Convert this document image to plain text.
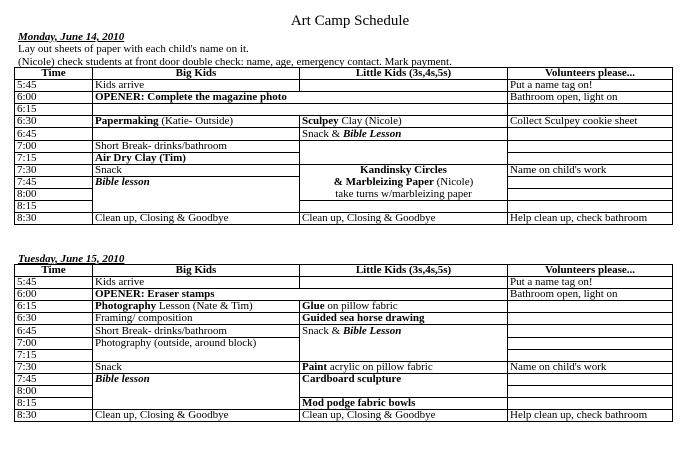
Art Camp Schedule
Monday, June 14, 2010
Lay out sheets of paper with each child's name on it.
(Nicole) check students at front door double check: name, age, emergency contact. Mark payment.
Time	Big Kids	Little Kids (3s,4s,5s)	Volunteers please...
5:45	Kids arrive		Put a name tag on!
6:00	OPENER: Complete the magazine photo		Bathroom open, light on
6:15			
6:30	Papermaking (Katie- Outside)	Sculpey Clay (Nicole)	Collect Sculpey cookie sheet
6:45		Snack & Bible Lesson	
7:00	Short Break- drinks/bathroom		
7:15	Air Dry Clay (Tim)		
7:30	Snack	Kandinsky Circles	Name on child's work
7:45	Bible lesson	& Marbleizing Paper (Nicole)	
8:00		take turns w/marbleizing paper	
8:15			
8:30	Clean up, Closing & Goodbye	Clean up, Closing & Goodbye	Help clean up, check bathroom
Tuesday, June 15, 2010
Time	Big Kids	Little Kids (3s,4s,5s)	Volunteers please...
5:45	Kids arrive		Put a name tag on!
6:00	OPENER: Eraser stamps		Bathroom open, light on
6:15	Photography Lesson (Nate & Tim)	Glue on pillow fabric	
6:30	Framing/ composition	Guided sea horse drawing	
6:45	Short Break- drinks/bathroom	Snack & Bible Lesson	
7:00	Photography (outside, around block)		
7:15			
7:30	Snack	Paint acrylic on pillow fabric	Name on child's work
7:45	Bible lesson	Cardboard sculpture	
8:00			
8:15		Mod podge fabric bowls	
8:30	Clean up, Closing & Goodbye	Clean up, Closing & Goodbye	Help clean up, check bathroom
